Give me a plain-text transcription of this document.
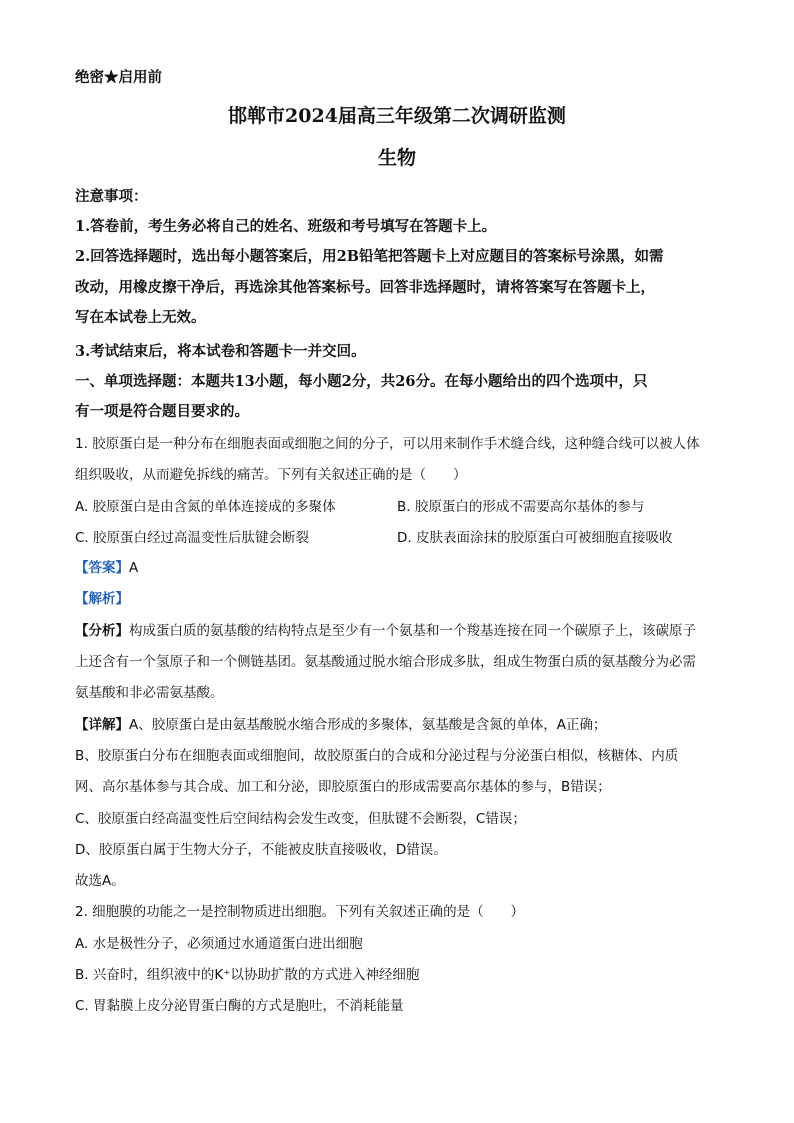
绝密★启用前
邯郸市2024届高三年级第二次调研监测
生物
注意事项：
1.答卷前，考生务必将自己的姓名、班级和考号填写在答题卡上。
2.回答选择题时，选出每小题答案后，用2B铅笔把答题卡上对应题目的答案标号涂黑，如需
改动，用橡皮擦干净后，再选涂其他答案标号。回答非选择题时，请将答案写在答题卡上，
写在本试卷上无效。
3.考试结束后，将本试卷和答题卡一并交回。
一、单项选择题：本题共13小题，每小题2分，共26分。在每小题给出的四个选项中，只
有一项是符合题目要求的。
1. 胶原蛋白是一种分布在细胞表面或细胞之间的分子，可以用来制作手术缝合线，这种缝合线可以被人体
组织吸收，从而避免拆线的痛苦。下列有关叙述正确的是（　　）
A. 胶原蛋白是由含氮的单体连接成的多聚体	B. 胶原蛋白的形成不需要高尔基体的参与
C. 胶原蛋白经过高温变性后肽键会断裂	D. 皮肤表面涂抹的胶原蛋白可被细胞直接吸收
【答案】A
【解析】
【分析】构成蛋白质的氨基酸的结构特点是至少有一个氨基和一个羧基连接在同一个碳原子上，该碳原子
上还含有一个氢原子和一个侧链基团。氨基酸通过脱水缩合形成多肽，组成生物蛋白质的氨基酸分为必需
氨基酸和非必需氨基酸。
【详解】A、胶原蛋白是由氨基酸脱水缩合形成的多聚体，氨基酸是含氮的单体，A正确；
B、胶原蛋白分布在细胞表面或细胞间，故胶原蛋白的合成和分泌过程与分泌蛋白相似，核糖体、内质
网、高尔基体参与其合成、加工和分泌，即胶原蛋白的形成需要高尔基体的参与，B错误；
C、胶原蛋白经高温变性后空间结构会发生改变，但肽键不会断裂，C错误；
D、胶原蛋白属于生物大分子，不能被皮肤直接吸收，D错误。
故选A。
2. 细胞膜的功能之一是控制物质进出细胞。下列有关叙述正确的是（　　）
A. 水是极性分子，必须通过水通道蛋白进出细胞
B. 兴奋时，组织液中的K⁺以协助扩散的方式进入神经细胞
C. 胃黏膜上皮分泌胃蛋白酶的方式是胞吐，不消耗能量
